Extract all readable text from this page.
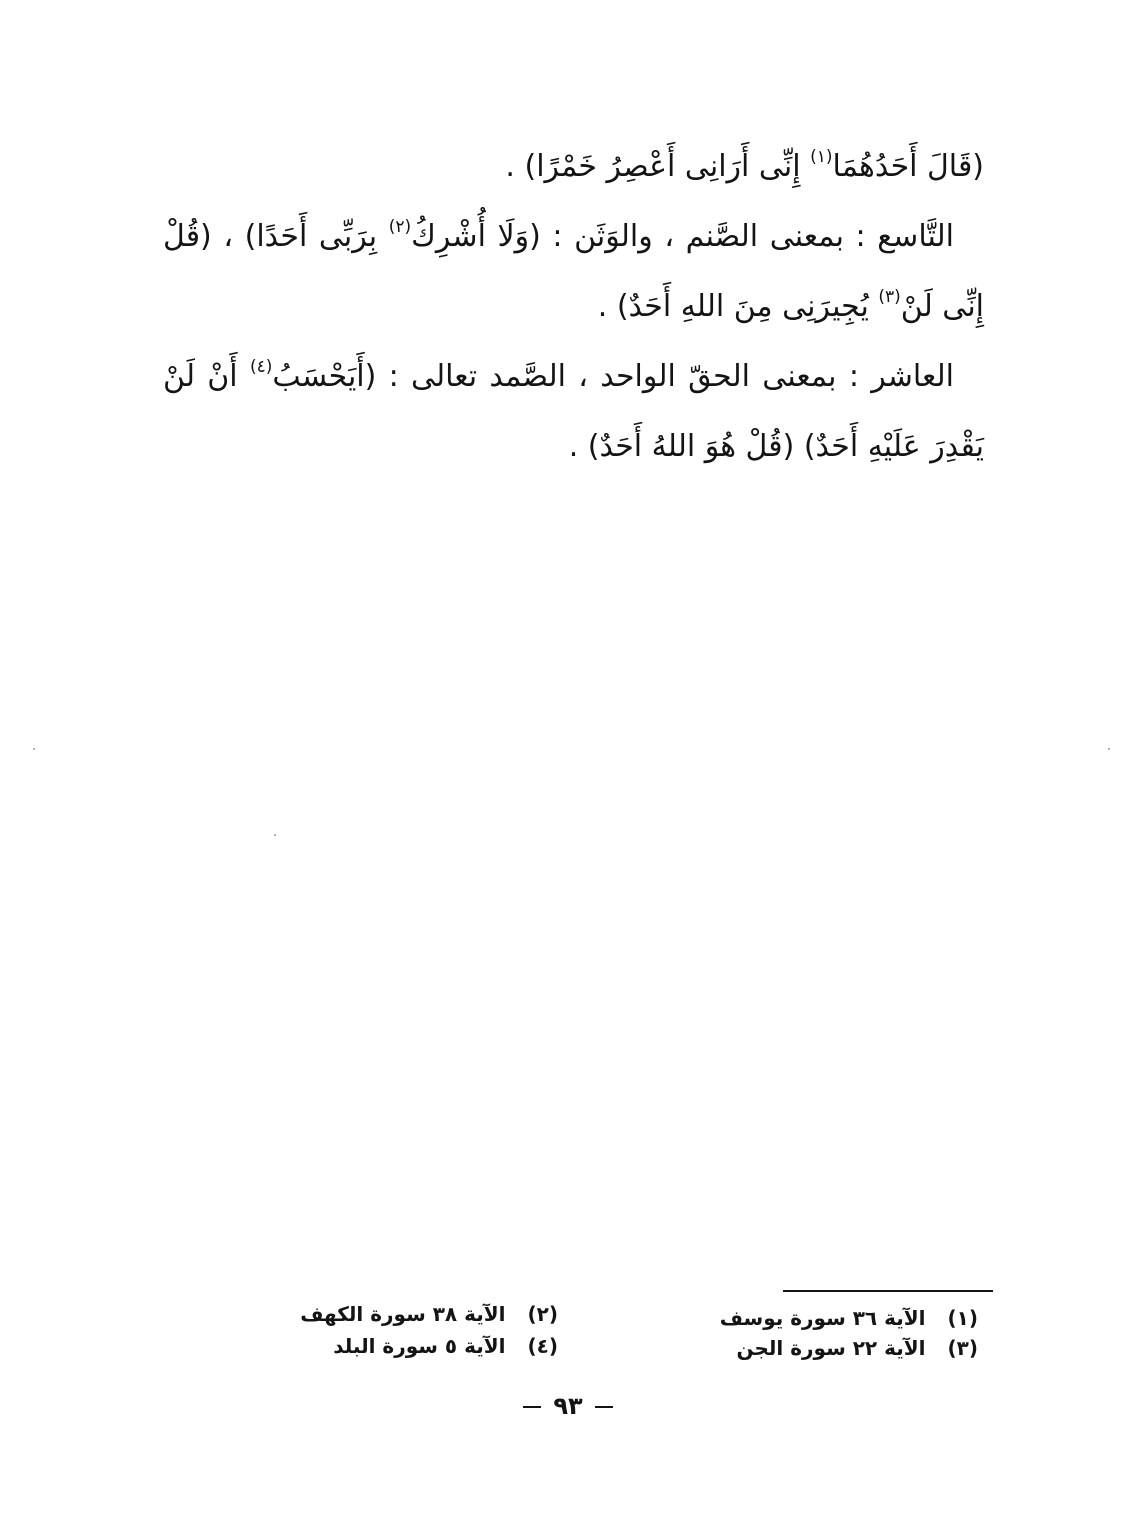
(قَالَ أَحَدُهُمَا$^{(١)}$ إِنِّى أَرَانِى أَعْصِرُ خَمْرًا) .

التَّاسع : بمعنى الصَّنم ، والوَثَن : (وَلَا أُشْرِكُ$^{(٢)}$ بِرَبِّى أَحَدًا) ، (قُلْ إِنِّى لَنْ$^{(٣)}$ يُجِيرَنِى مِنَ اللهِ أَحَدٌ) .

العاشر : بمعنى الحقّ الواحد ، الصَّمد تعالى : (أَيَحْسَبُ$^{(٤)}$ أَنْ لَنْ يَقْدِرَ عَلَيْهِ أَحَدٌ) (قُلْ هُوَ اللهُ أَحَدٌ) .

(١)الآية ٣٦ سورة يوسف
(٢)الآية ٣٨ سورة الكهف
(٣)الآية ٢٢ سورة الجن
(٤)الآية ٥ سورة البلد
٩٣
